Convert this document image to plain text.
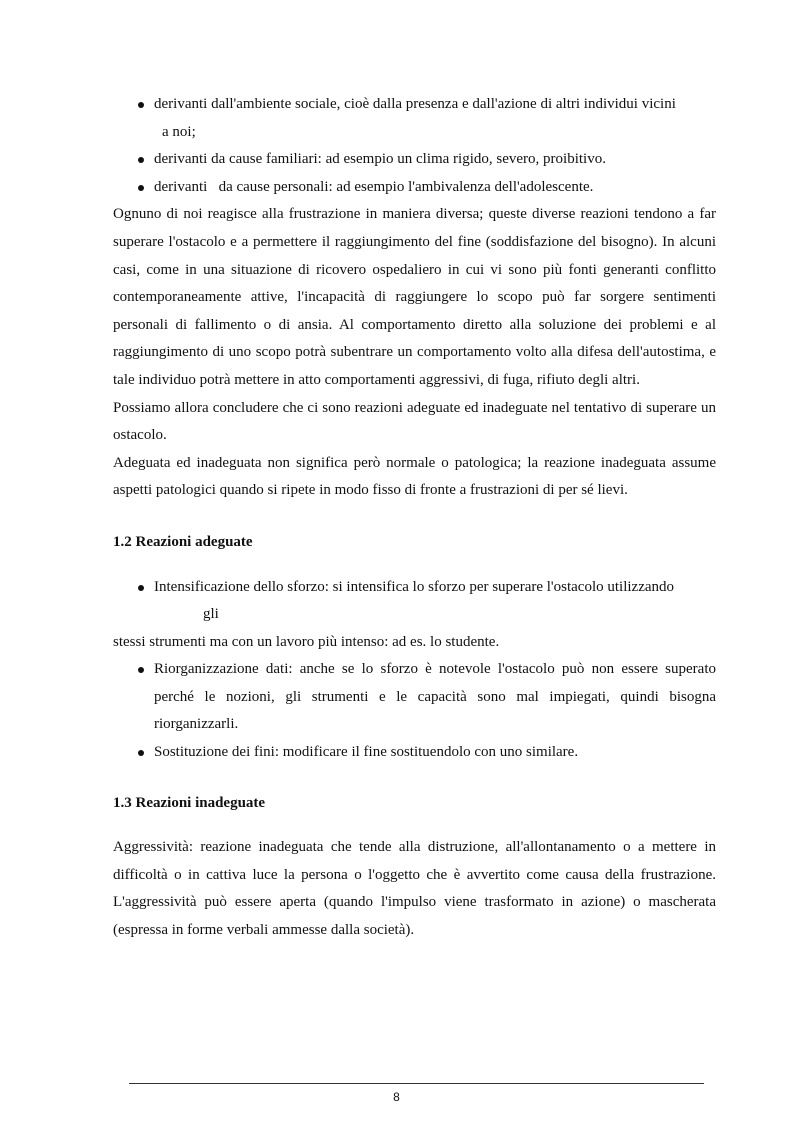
derivanti dall'ambiente sociale, cioè dalla presenza e dall'azione di altri individui vicini
a noi;
derivanti da cause familiari: ad esempio un clima rigido, severo, proibitivo.
derivanti   da cause personali: ad esempio l'ambivalenza dell'adolescente.

Ognuno di noi reagisce alla frustrazione in maniera diversa; queste diverse reazioni tendono a far superare l'ostacolo e a permettere il raggiungimento del fine (soddisfazione del bisogno). In alcuni casi, come in una situazione di ricovero ospedaliero in cui vi sono più fonti generanti conflitto contemporaneamente attive, l'incapacità di raggiungere lo scopo può far sorgere sentimenti personali di fallimento o di ansia. Al comportamento diretto alla soluzione dei problemi e al raggiungimento di uno scopo potrà subentrare un comportamento volto alla difesa dell'autostima, e tale individuo potrà mettere in atto comportamenti aggressivi, di fuga, rifiuto degli altri.

Possiamo allora concludere che ci sono reazioni adeguate ed inadeguate nel tentativo di superare un ostacolo.

Adeguata ed inadeguata non significa però normale o patologica; la reazione inadeguata assume aspetti patologici quando si ripete in modo fisso di fronte a frustrazioni di per sé lievi.

1.2 Reazioni adeguate
Intensificazione dello sforzo: si intensifica lo sforzo per superare l'ostacolo utilizzando
gli

stessi strumenti ma con un lavoro più intenso: ad es. lo studente.

Riorganizzazione dati: anche se lo sforzo è notevole l'ostacolo può non essere superato perché le nozioni, gli strumenti e le capacità sono mal impiegati, quindi bisogna riorganizzarli.
Sostituzione dei fini: modificare il fine sostituendolo con uno similare.
1.3 Reazioni inadeguate

Aggressività: reazione inadeguata che tende alla distruzione, all'allontanamento o a mettere in difficoltà o in cattiva luce la persona o l'oggetto che è avvertito come causa della frustrazione. L'aggressività può essere aperta (quando l'impulso viene trasformato in azione) o mascherata (espressa in forme verbali ammesse dalla società).

8
